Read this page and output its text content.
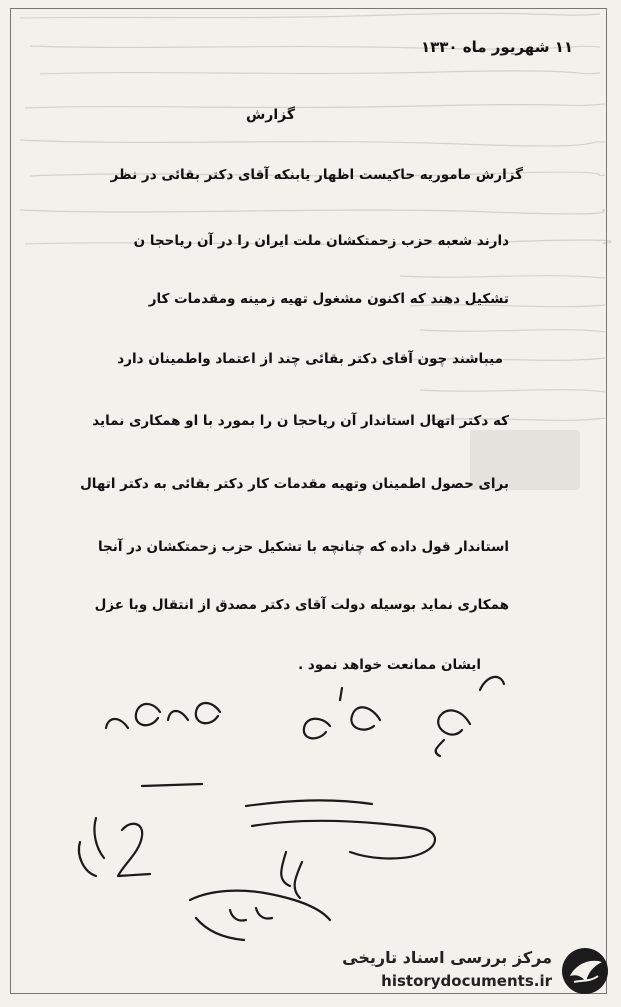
۱۱ شهریور ماه ۱۳۳۰
گزارش
گزارش ماموریه حاکیست اظهار یابنکه آقای دکتر بقائی در نظر
دارند شعبه حزب زحمتکشان ملت ایران را در آن ریاحجا ن
تشکیل دهند که اکنون مشغول تهیه زمینه ومقدمات کار
میباشند چون آقای دکتر بقائی چند از اعتماد واطمینان دارد
که دکتر اتهال استاندار آن ریاحجا ن را بمورد با او همکاری نماید
برای حصول اطمینان وتهیه مقدمات کار دکتر بقائی به دکتر اتهال
استاندار قول داده که چنانچه با تشکیل حزب زحمتکشان در آنجا
همکاری نماید بوسیله دولت آقای دکتر مصدق از انتقال وبا عزل
ایشان ممانعت خواهد نمود .
مرکز بررسی اسناد تاریخی
historydocuments.ir
